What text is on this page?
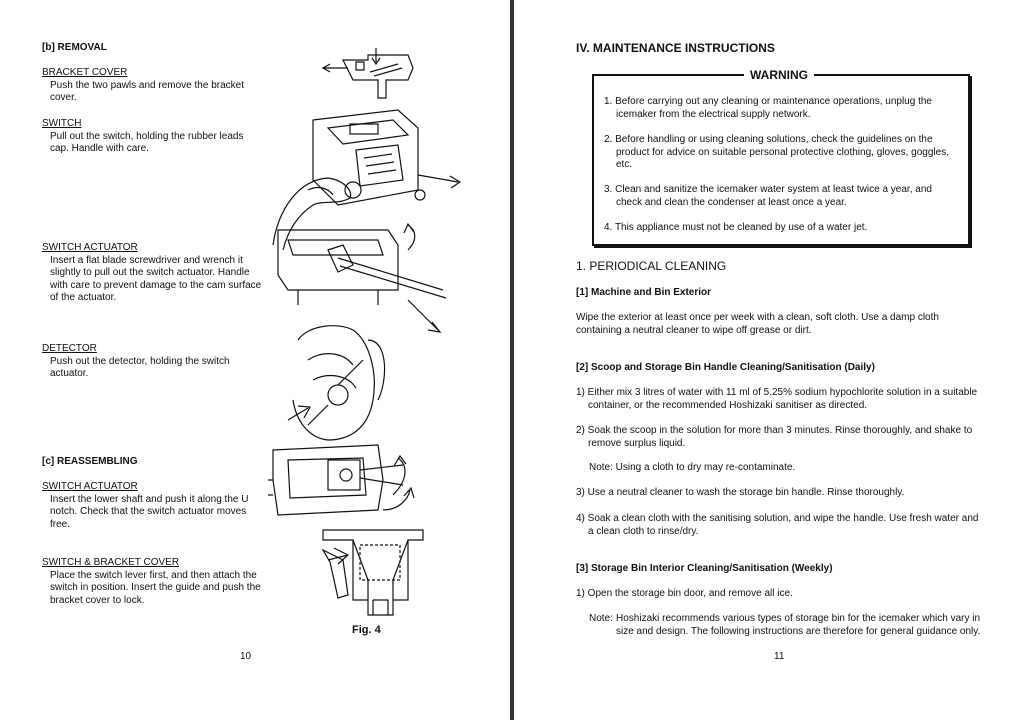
[b] REMOVAL
BRACKET COVER
Push the two pawls and remove the bracket cover.
SWITCH
Pull out the switch, holding the rubber leads cap. Handle with care.
SWITCH ACTUATOR
Insert a flat blade screwdriver and wrench it slightly to pull out the switch actuator. Handle with care to prevent damage to the cam surface of the actuator.
DETECTOR
Push out the detector, holding the switch actuator.
[c] REASSEMBLING
SWITCH ACTUATOR
Insert the lower shaft and push it along the U notch. Check that the switch actuator moves free.
SWITCH & BRACKET COVER
Place the switch lever first, and then attach the switch in position. Insert the guide and push the bracket cover to lock.
Fig. 4
10
IV. MAINTENANCE INSTRUCTIONS
WARNING
1. Before carrying out any cleaning or maintenance operations, unplug the icemaker from the electrical supply network.
2. Before handling or using cleaning solutions, check the guidelines on the product for advice on suitable personal protective clothing, gloves, goggles, etc.
3. Clean and sanitize the icemaker water system at least twice a year, and check and clean the condenser at least once a year.
4. This appliance must not be cleaned by use of a water jet.
1. PERIODICAL CLEANING
[1] Machine and Bin Exterior
Wipe the exterior at least once per week with a clean, soft cloth. Use a damp cloth containing a neutral cleaner to wipe off grease or dirt.
[2] Scoop and Storage Bin Handle Cleaning/Sanitisation (Daily)
1) Either mix 3 litres of water with 11 ml of 5.25% sodium hypochlorite solution in a suitable container, or the recommended Hoshizaki sanitiser as directed.
2) Soak the scoop in the solution for more than 3 minutes. Rinse thoroughly, and shake to remove surplus liquid.
Note: Using a cloth to dry may re-contaminate.
3) Use a neutral cleaner to wash the storage bin handle. Rinse thoroughly.
4) Soak a clean cloth with the sanitising solution, and wipe the handle. Use fresh water and a clean cloth to rinse/dry.
[3] Storage Bin Interior Cleaning/Sanitisation (Weekly)
1) Open the storage bin door, and remove all ice.
Note: Hoshizaki recommends various types of storage bin for the icemaker which vary in size and design. The following instructions are therefore for general guidance only.
11
